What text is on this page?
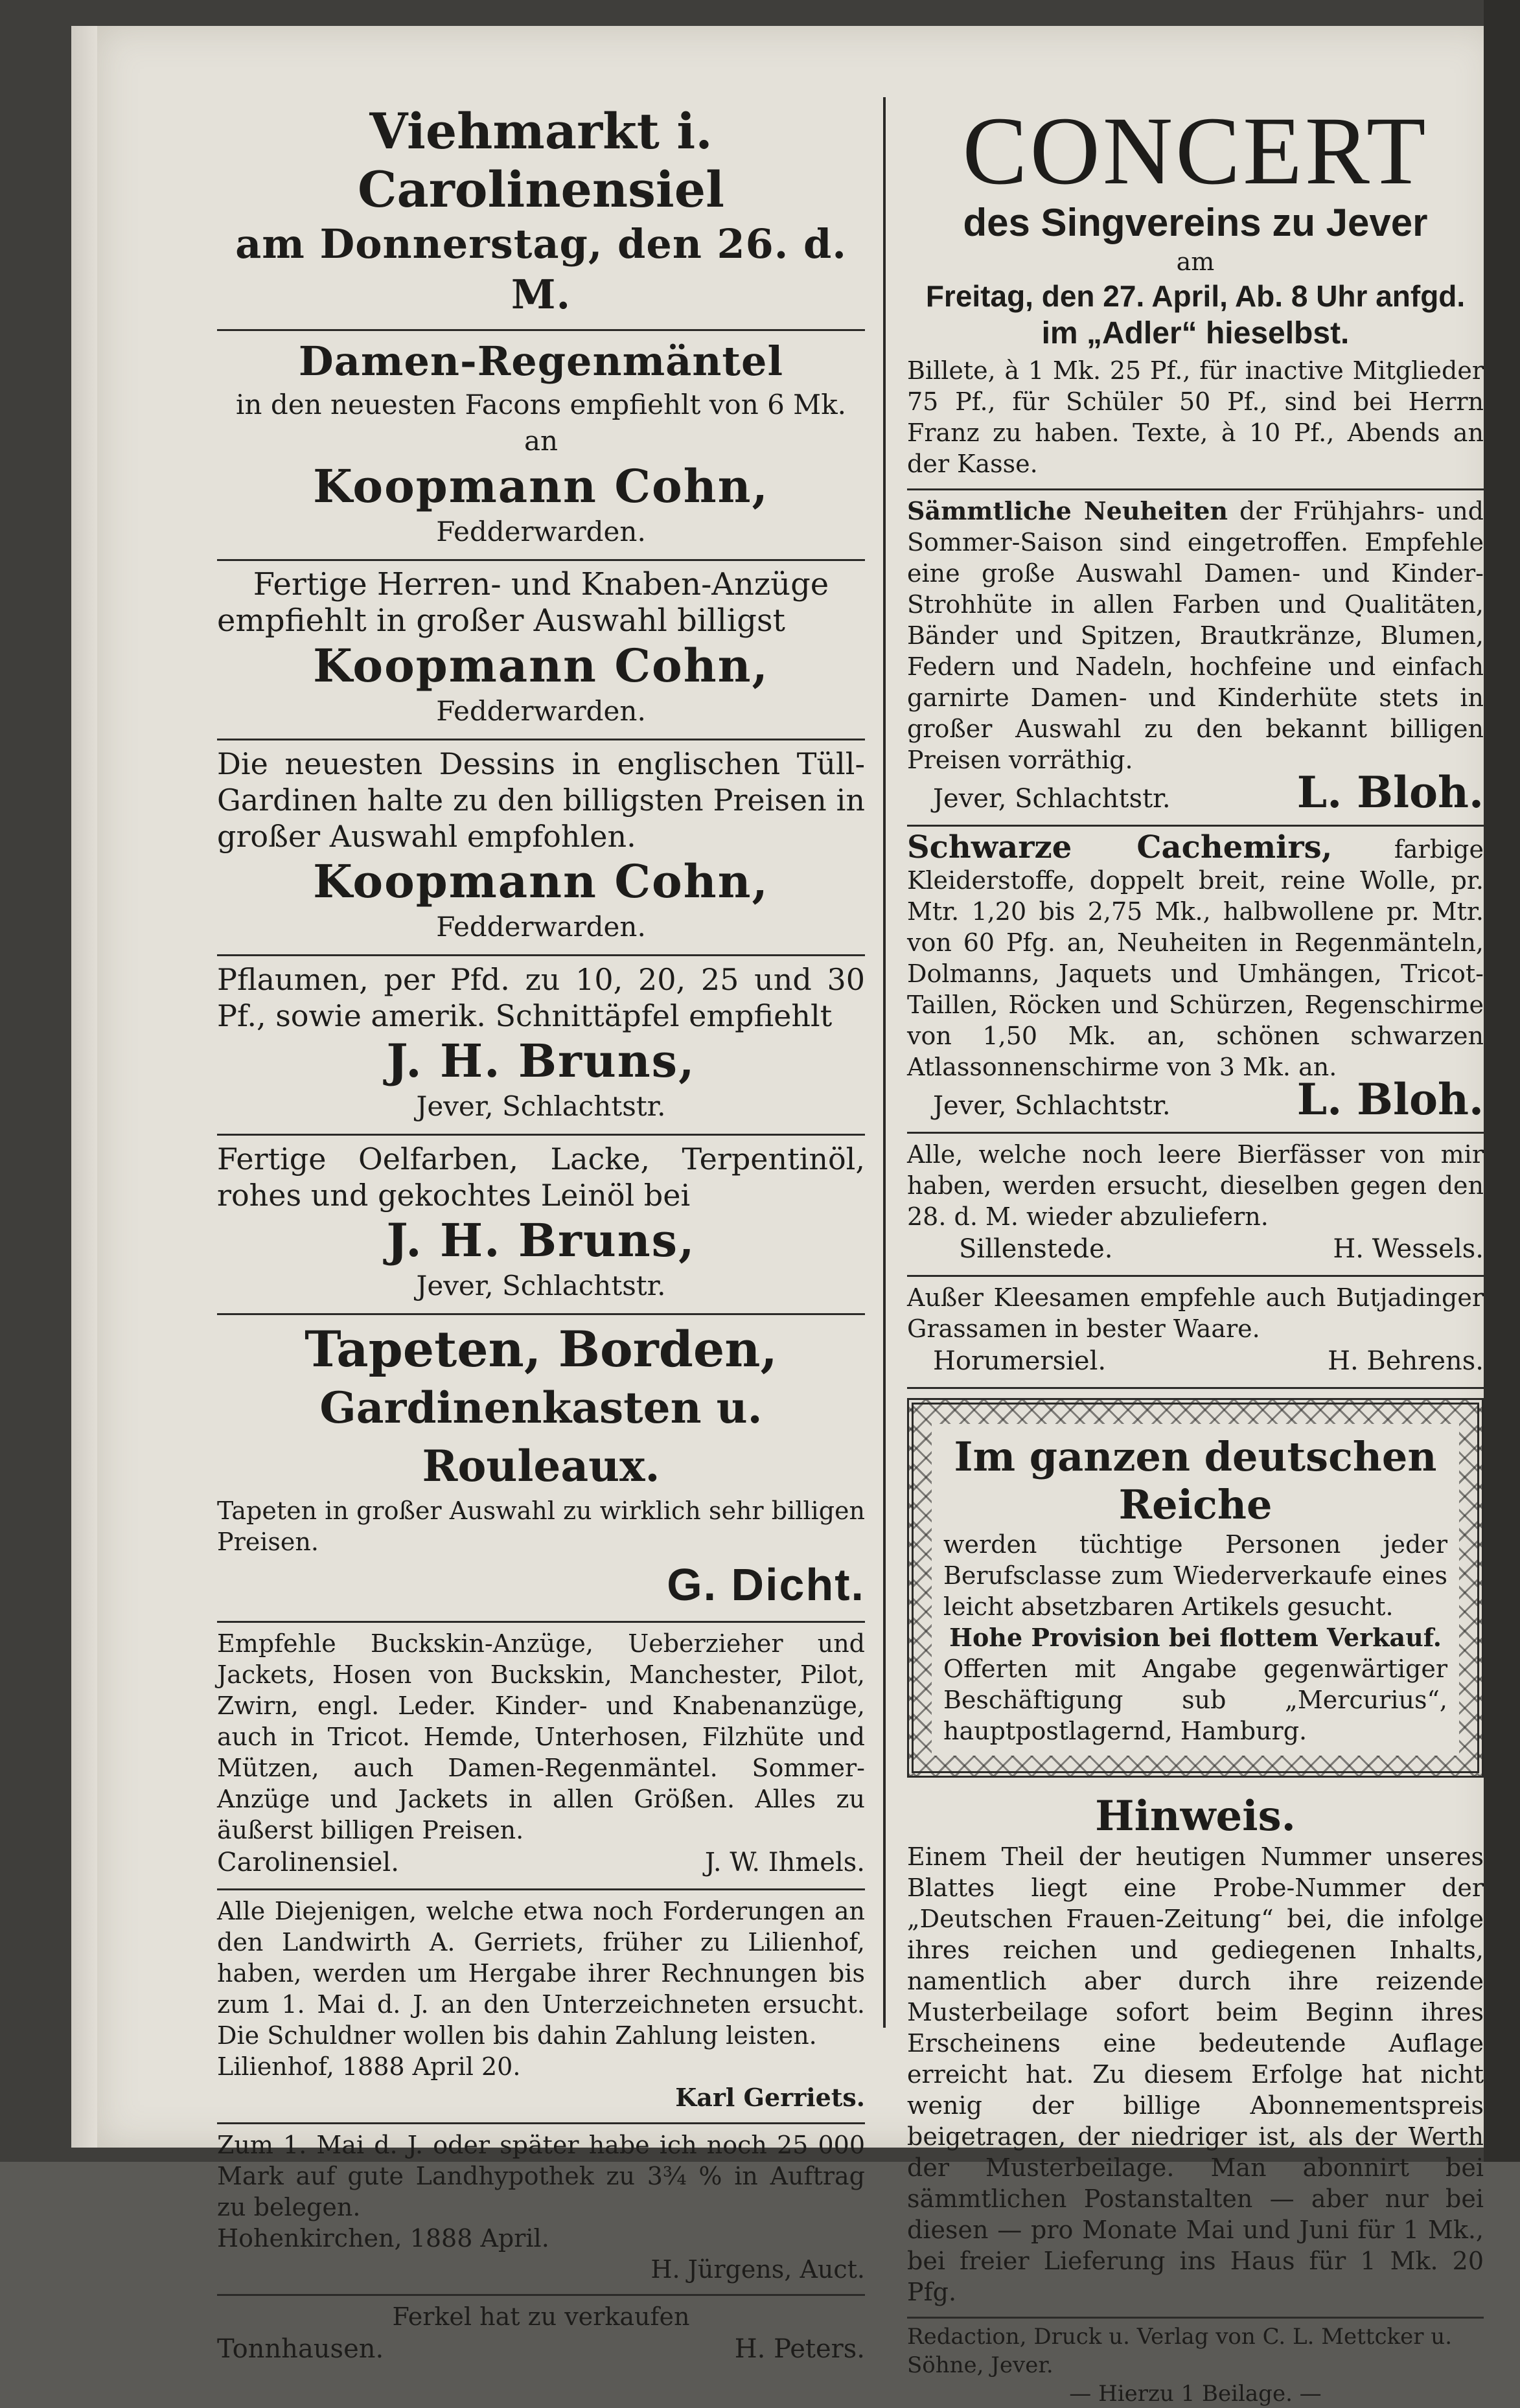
Viehmarkt i. Carolinensiel
am Donnerstag, den 26. d. M.
Damen-Regenmäntel
in den neuesten Facons empfiehlt von 6 Mk. an
Koopmann Cohn,
Fedderwarden.
Fertige Herren- und Knaben-Anzüge
empfiehlt in großer Auswahl billigst
Koopmann Cohn,
Fedderwarden.
Die neuesten Dessins in englischen Tüll-Gardinen halte zu den billigsten Preisen in großer Auswahl empfohlen.
Koopmann Cohn,
Fedderwarden.
Pflaumen, per Pfd. zu 10, 20, 25 und 30 Pf., sowie amerik. Schnittäpfel empfiehlt
J. H. Bruns,
Jever, Schlachtstr.
Fertige Oelfarben, Lacke, Terpentinöl, rohes und gekochtes Leinöl bei
J. H. Bruns,
Jever, Schlachtstr.
Tapeten, Borden,
Gardinenkasten u. Rouleaux.
Tapeten in großer Auswahl zu wirklich sehr billigen Preisen.
G. Dicht.
Empfehle Buckskin-Anzüge, Ueberzieher und Jackets, Hosen von Buckskin, Manchester, Pilot, Zwirn, engl. Leder. Kinder- und Knabenanzüge, auch in Tricot. Hemde, Unterhosen, Filzhüte und Mützen, auch Damen-Regenmäntel. Sommer-Anzüge und Jackets in allen Größen. Alles zu äußerst billigen Preisen.
Carolinensiel.	J. W. Ihmels.
Alle Diejenigen, welche etwa noch Forderungen an den Landwirth A. Gerriets, früher zu Lilienhof, haben, werden um Hergabe ihrer Rechnungen bis zum 1. Mai d. J. an den Unterzeichneten ersucht. Die Schuldner wollen bis dahin Zahlung leisten.
Lilienhof, 1888 April 20.
Karl Gerriets.
Zum 1. Mai d. J. oder später habe ich noch 25 000 Mark auf gute Landhypothek zu 3¾ % in Auftrag zu belegen.
Hohenkirchen, 1888 April.
H. Jürgens, Auct.
Ferkel hat zu verkaufen
Tonnhausen.	H. Peters.
CONCERT
des Singvereins zu Jever
am
Freitag, den 27. April, Ab. 8 Uhr anfgd.
im „Adler“ hieselbst.
Billete, à 1 Mk. 25 Pf., für inactive Mitglieder 75 Pf., für Schüler 50 Pf., sind bei Herrn Franz zu haben. Texte, à 10 Pf., Abends an der Kasse.
Sämmtliche Neuheiten der Frühjahrs- und Sommer-Saison sind eingetroffen. Empfehle eine große Auswahl Damen- und Kinder-Strohhüte in allen Farben und Qualitäten, Bänder und Spitzen, Brautkränze, Blumen, Federn und Nadeln, hochfeine und einfach garnirte Damen- und Kinderhüte stets in großer Auswahl zu den bekannt billigen Preisen vorräthig.
Jever, Schlachtstr.	L. Bloh.
Schwarze Cachemirs,	farbige Kleiderstoffe, doppelt breit, reine Wolle, pr. Mtr. 1,20 bis 2,75 Mk., halbwollene pr. Mtr. von 60 Pfg. an, Neuheiten in Regenmänteln, Dolmanns, Jaquets und Umhängen, Tricot-Taillen, Röcken und Schürzen, Regenschirme von 1,50 Mk. an, schönen schwarzen Atlassonnenschirme von 3 Mk. an.
Jever, Schlachtstr.	L. Bloh.
Alle, welche noch leere Bierfässer von mir haben, werden ersucht, dieselben gegen den 28. d. M. wieder abzuliefern.
Sillenstede.	H. Wessels.
Außer Kleesamen empfehle auch Butjadinger Grassamen in bester Waare.
Horumersiel.	H. Behrens.
Im ganzen deutschen Reiche
werden tüchtige Personen jeder Berufsclasse zum Wiederverkaufe eines leicht absetzbaren Artikels gesucht.
Hohe Provision bei flottem Verkauf.
Offerten mit Angabe gegenwärtiger Beschäftigung sub „Mercurius“, hauptpostlagernd, Hamburg.
Hinweis.
Einem Theil der heutigen Nummer unseres Blattes liegt eine Probe-Nummer der „Deutschen Frauen-Zeitung“ bei, die infolge ihres reichen und gediegenen Inhalts, namentlich aber durch ihre reizende Musterbeilage sofort beim Beginn ihres Erscheinens eine bedeutende Auflage erreicht hat. Zu diesem Erfolge hat nicht wenig der billige Abonnementspreis beigetragen, der niedriger ist, als der Werth der Musterbeilage. Man abonnirt bei sämmtlichen Postanstalten — aber nur bei diesen — pro Monate Mai und Juni für 1 Mk., bei freier Lieferung ins Haus für 1 Mk. 20 Pfg.
Redaction, Druck u. Verlag von C. L. Mettcker u. Söhne, Jever.
— Hierzu 1 Beilage. —
